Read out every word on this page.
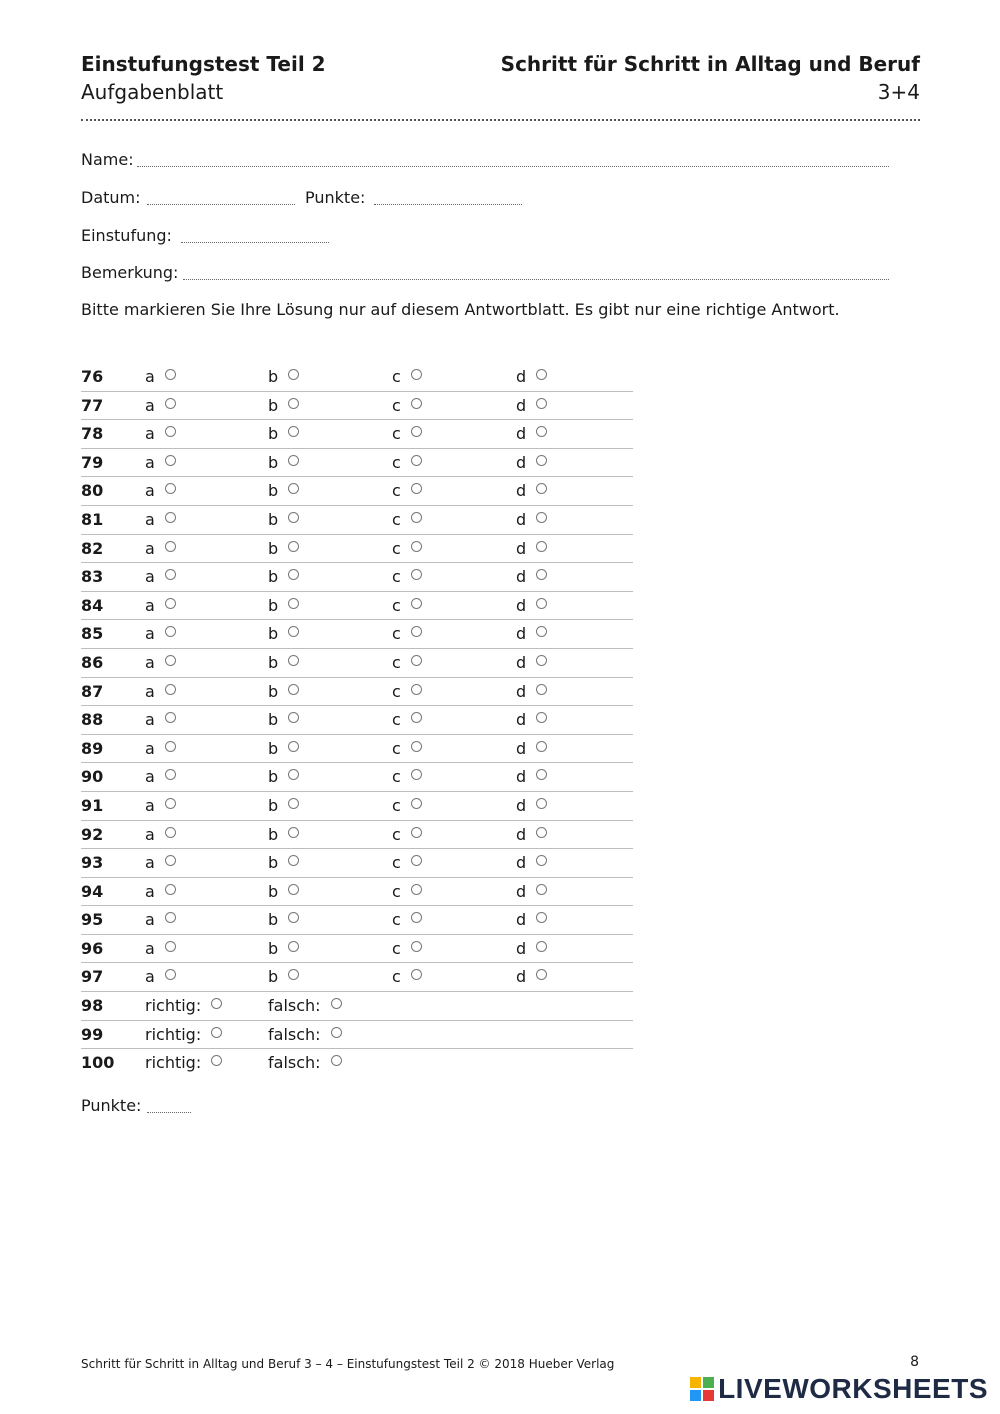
Einstufungstest Teil 2
Aufgabenblatt
Schritt für Schritt in Alltag und Beruf
3+4
Name:
Datum:	Punkte:
Einstufung:
Bemerkung:
Bitte markieren Sie Ihre Lösung nur auf diesem Antwortblatt. Es gibt nur eine richtige Antwort.
76	a	b	c	d
77	a	b	c	d
78	a	b	c	d
79	a	b	c	d
80	a	b	c	d
81	a	b	c	d
82	a	b	c	d
83	a	b	c	d
84	a	b	c	d
85	a	b	c	d
86	a	b	c	d
87	a	b	c	d
88	a	b	c	d
89	a	b	c	d
90	a	b	c	d
91	a	b	c	d
92	a	b	c	d
93	a	b	c	d
94	a	b	c	d
95	a	b	c	d
96	a	b	c	d
97	a	b	c	d
98	richtig:	falsch:
99	richtig:	falsch:
100 richtig:	falsch:
Punkte:
Schritt für Schritt in Alltag und Beruf 3 – 4 – Einstufungstest Teil 2 © 2018 Hueber Verlag	8
LIVEWORKSHEETS
